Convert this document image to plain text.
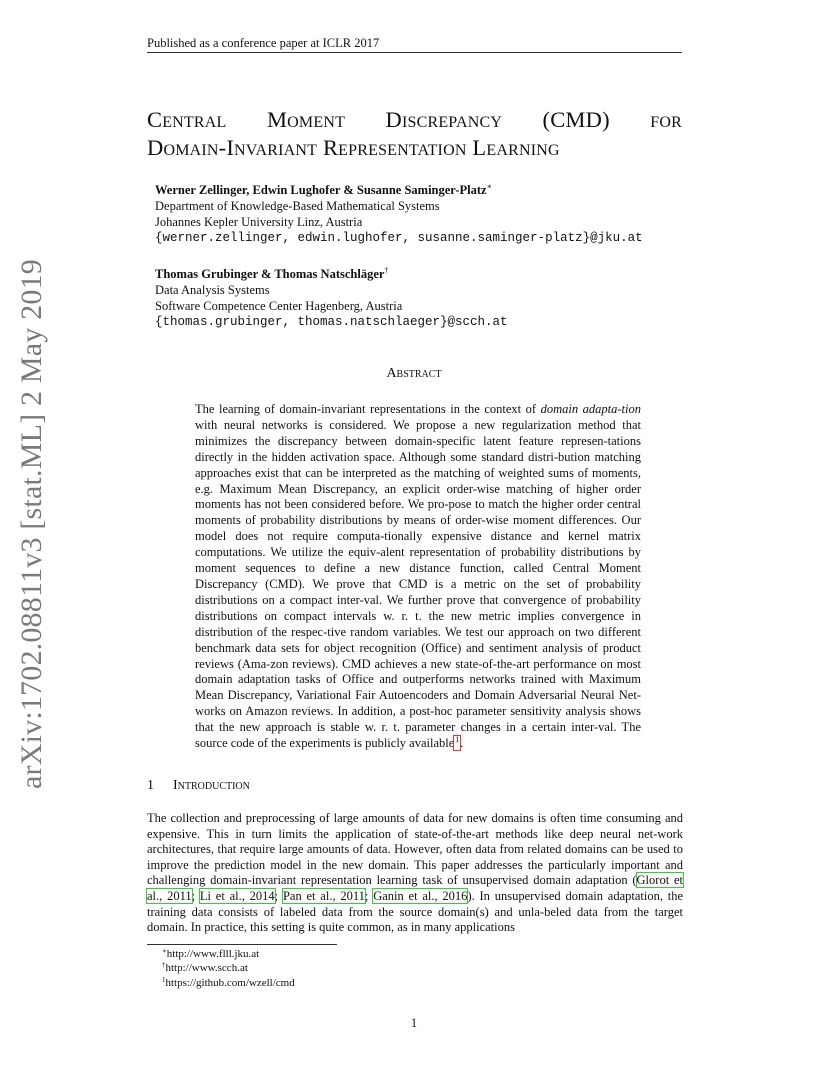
arXiv:1702.08811v3 [stat.ML] 2 May 2019
Published as a conference paper at ICLR 2017
Central Moment Discrepancy (CMD) for
Domain-Invariant Representation Learning
Werner Zellinger, Edwin Lughofer & Susanne Saminger-Platz∗
Department of Knowledge-Based Mathematical Systems
Johannes Kepler University Linz, Austria
{werner.zellinger, edwin.lughofer, susanne.saminger-platz}@jku.at
Thomas Grubinger & Thomas Natschläger†
Data Analysis Systems
Software Competence Center Hagenberg, Austria
{thomas.grubinger, thomas.natschlaeger}@scch.at
Abstract
The learning of domain-invariant representations in the context of domain adapta-tion with neural networks is considered. We propose a new regularization method that minimizes the discrepancy between domain-specific latent feature represen-tations directly in the hidden activation space. Although some standard distri-bution matching approaches exist that can be interpreted as the matching of weighted sums of moments, e.g. Maximum Mean Discrepancy, an explicit order-wise matching of higher order moments has not been considered before. We pro-pose to match the higher order central moments of probability distributions by means of order-wise moment differences. Our model does not require computa-tionally expensive distance and kernel matrix computations. We utilize the equiv-alent representation of probability distributions by moment sequences to define a new distance function, called Central Moment Discrepancy (CMD). We prove that CMD is a metric on the set of probability distributions on a compact inter-val. We further prove that convergence of probability distributions on compact intervals w. r. t. the new metric implies convergence in distribution of the respec-tive random variables. We test our approach on two different benchmark data sets for object recognition (Office) and sentiment analysis of product reviews (Ama-zon reviews). CMD achieves a new state-of-the-art performance on most domain adaptation tasks of Office and outperforms networks trained with Maximum Mean Discrepancy, Variational Fair Autoencoders and Domain Adversarial Neural Net-works on Amazon reviews. In addition, a post-hoc parameter sensitivity analysis shows that the new approach is stable w. r. t. parameter changes in a certain inter-val. The source code of the experiments is publicly available$^1$.
1 Introduction
The collection and preprocessing of large amounts of data for new domains is often time consuming and expensive. This in turn limits the application of state-of-the-art methods like deep neural net-work architectures, that require large amounts of data. However, often data from related domains can be used to improve the prediction model in the new domain. This paper addresses the particularly important and challenging domain-invariant representation learning task of unsupervised domain adaptation (Glorot et al., 2011; Li et al., 2014; Pan et al., 2011; Ganin et al., 2016). In unsupervised domain adaptation, the training data consists of labeled data from the source domain(s) and unla-beled data from the target domain. In practice, this setting is quite common, as in many applications
∗http://www.flll.jku.at
†http://www.scch.at
$^1$https://github.com/wzell/cmd
1
